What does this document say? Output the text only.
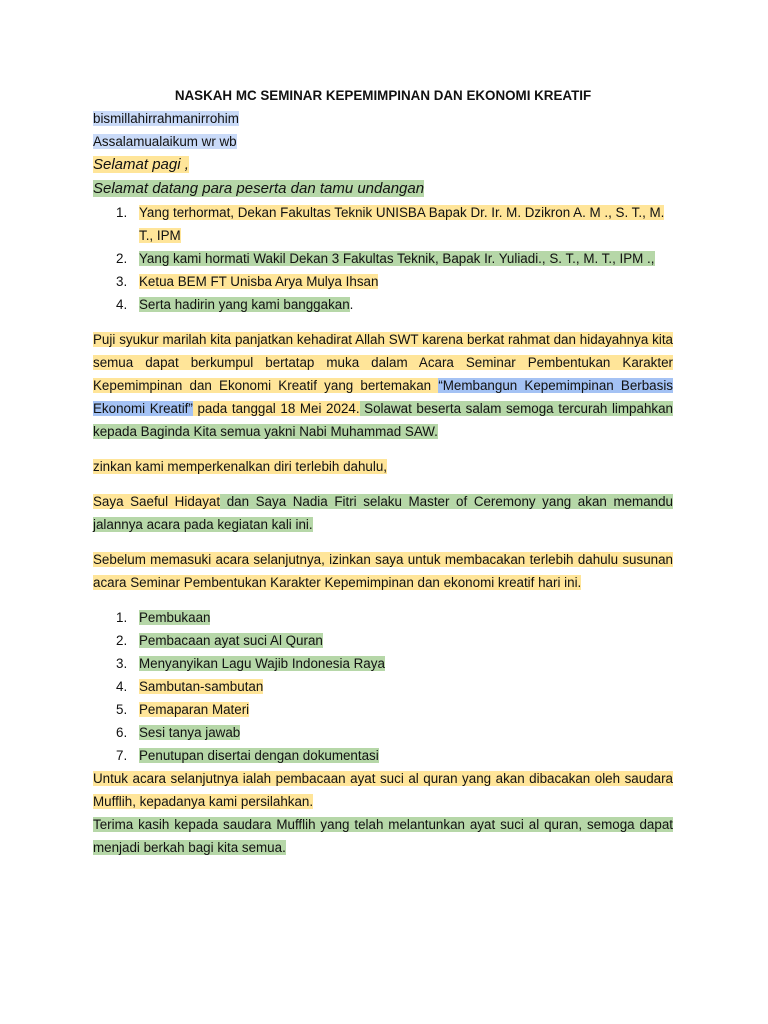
NASKAH MC SEMINAR KEPEMIMPINAN DAN EKONOMI KREATIF
bismillahirrahmanirrohim
Assalamualaikum wr wb
Selamat pagi ,
Selamat datang para peserta dan tamu undangan
1. Yang terhormat, Dekan Fakultas Teknik UNISBA Bapak Dr. Ir. M. Dzikron A. M ., S. T., M. T., IPM
2. Yang kami hormati Wakil Dekan 3 Fakultas Teknik, Bapak Ir. Yuliadi., S. T., M. T., IPM .,
3. Ketua BEM FT Unisba Arya Mulya Ihsan
4. Serta hadirin yang kami banggakan.
Puji syukur marilah kita panjatkan kehadirat Allah SWT karena berkat rahmat dan hidayahnya kita semua dapat berkumpul bertatap muka dalam Acara Seminar Pembentukan Karakter Kepemimpinan dan Ekonomi Kreatif yang bertemakan “Membangun Kepemimpinan Berbasis Ekonomi Kreatif” pada tanggal 18 Mei 2024. Solawat beserta salam semoga tercurah limpahkan kepada Baginda Kita semua yakni Nabi Muhammad SAW.
zinkan kami memperkenalkan diri terlebih dahulu,
Saya Saeful Hidayat dan Saya Nadia Fitri selaku Master of Ceremony yang akan memandu jalannya acara pada kegiatan kali ini.
Sebelum memasuki acara selanjutnya, izinkan saya untuk membacakan terlebih dahulu susunan acara Seminar Pembentukan Karakter Kepemimpinan dan ekonomi kreatif hari ini.
1. Pembukaan
2. Pembacaan ayat suci Al Quran
3. Menyanyikan Lagu Wajib Indonesia Raya
4. Sambutan-sambutan
5. Pemaparan Materi
6. Sesi tanya jawab
7. Penutupan disertai dengan dokumentasi
Untuk acara selanjutnya ialah pembacaan ayat suci al quran yang akan dibacakan oleh saudara Mufflih, kepadanya kami persilahkan.
Terima kasih kepada saudara Mufflih yang telah melantunkan ayat suci al quran, semoga dapat menjadi berkah bagi kita semua.
